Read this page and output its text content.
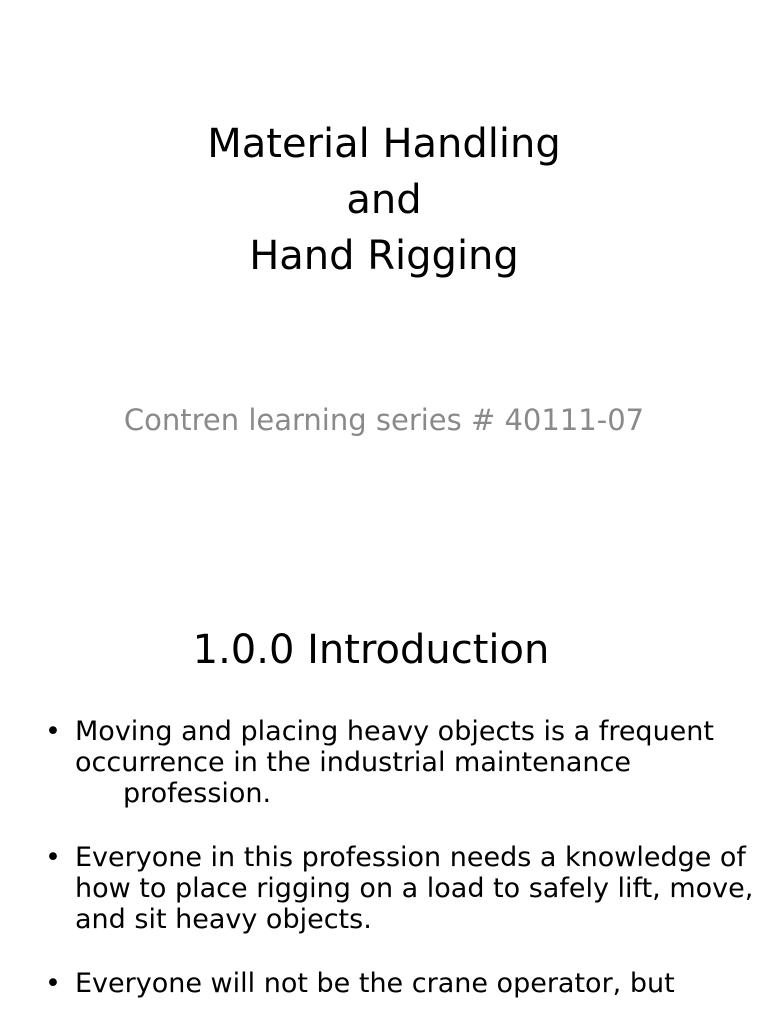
Material Handling
and
Hand Rigging
Contren learning series # 40111-07
1.0.0 Introduction
• Moving and placing heavy objects is a frequent
occurrence in the industrial maintenance
profession.
• Everyone in this profession needs a knowledge of
how to place rigging on a load to safely lift, move,
and sit heavy objects.
• Everyone will not be the crane operator, but
